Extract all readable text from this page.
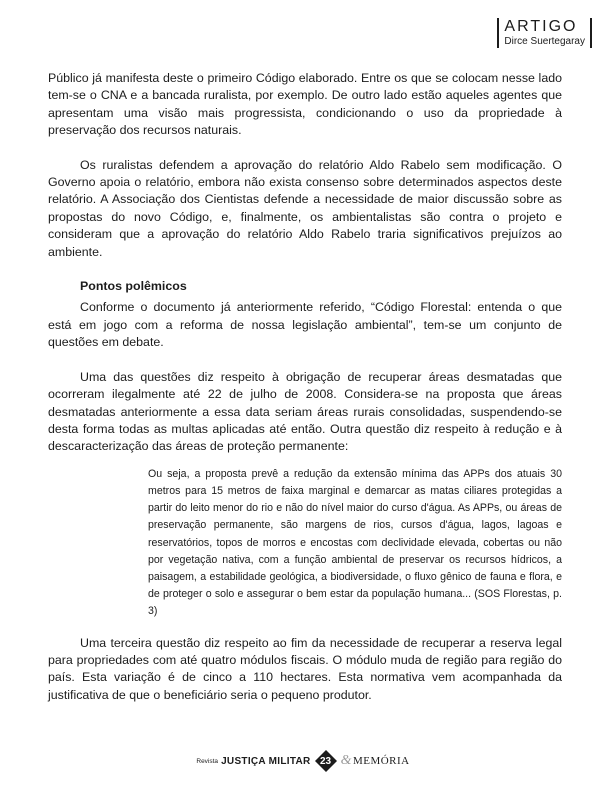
ARTIGO
Dirce Suertegaray

Público já manifesta deste o primeiro Código elaborado. Entre os que se colocam nesse lado tem-se o CNA e a bancada ruralista, por exemplo. De outro lado estão aqueles agentes que apresentam uma visão mais progressista, condicionando o uso da propriedade à preservação dos recursos naturais.

Os ruralistas defendem a aprovação do relatório Aldo Rabelo sem modificação. O Governo apoia o relatório, embora não exista consenso sobre determinados aspectos deste relatório. A Associação dos Cientistas defende a necessidade de maior discussão sobre as propostas do novo Código, e, finalmente, os ambientalistas são contra o projeto e consideram que a aprovação do relatório Aldo Rabelo traria significativos prejuízos ao ambiente.

Pontos polêmicos

Conforme o documento já anteriormente referido, “Código Florestal: entenda o que está em jogo com a reforma de nossa legislação ambiental”, tem-se um conjunto de questões em debate.

Uma das questões diz respeito à obrigação de recuperar áreas desmatadas que ocorreram ilegalmente até 22 de julho de 2008. Considera-se na proposta que áreas desmatadas anteriormente a essa data seriam áreas rurais consolidadas, suspendendo-se desta forma todas as multas aplicadas até então. Outra questão diz respeito à redução e à descaracterização das áreas de proteção permanente:

Ou seja, a proposta prevê a redução da extensão mínima das APPs dos atuais 30 metros para 15 metros de faixa marginal e demarcar as matas ciliares protegidas a partir do leito menor do rio e não do nível maior do curso d'água. As APPs, ou áreas de preservação permanente, são margens de rios, cursos d'água, lagos, lagoas e reservatórios, topos de morros e encostas com declividade elevada, cobertas ou não por vegetação nativa, com a função ambiental de preservar os recursos hídricos, a paisagem, a estabilidade geológica, a biodiversidade, o fluxo gênico de fauna e flora, e de proteger o solo e assegurar o bem estar da população humana... (SOS Florestas, p. 3)

Uma terceira questão diz respeito ao fim da necessidade de recuperar a reserva legal para propriedades com até quatro módulos fiscais. O módulo muda de região para região do país. Esta variação é de cinco a 110 hectares. Esta normativa vem acompanhada da justificativa de que o beneficiário seria o pequeno produtor.

Revista JUSTIÇA MILITAR 23 & MEMÓRIA
